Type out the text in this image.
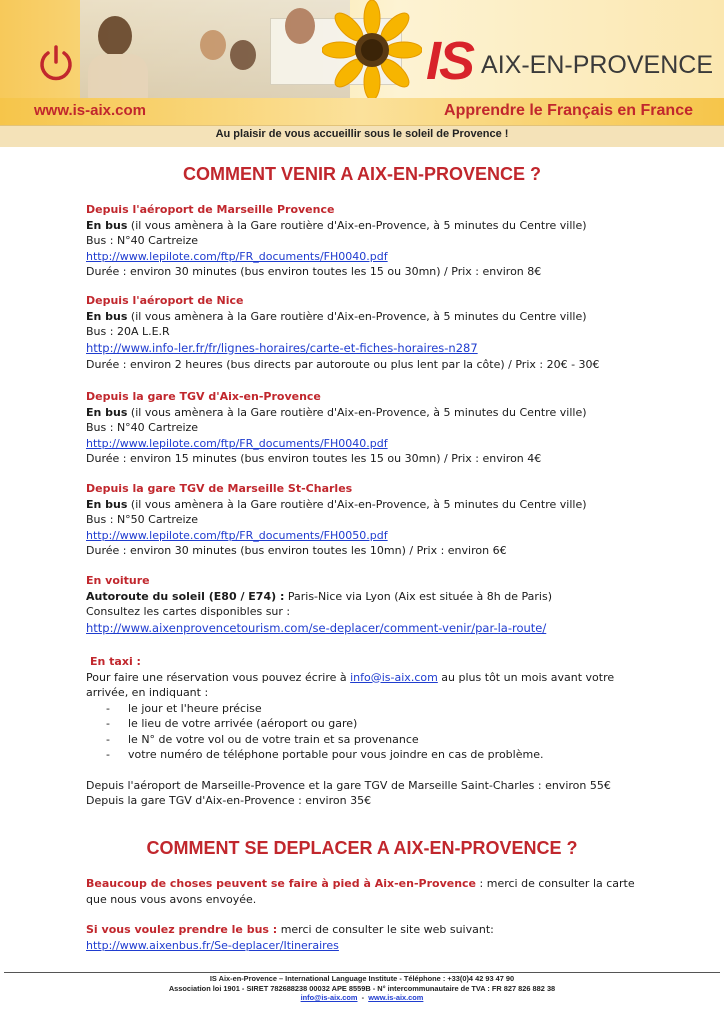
IS AIX-EN-PROVENCE
www.is-aix.com	Apprendre le Français en France
Au plaisir de vous accueillir sous le soleil de Provence !
COMMENT VENIR A AIX-EN-PROVENCE ?
Depuis l'aéroport de Marseille Provence
En bus (il vous amènera à la Gare routière d'Aix-en-Provence, à 5 minutes du Centre ville)
Bus : N°40 Cartreize
http://www.lepilote.com/ftp/FR_documents/FH0040.pdf
Durée : environ 30 minutes (bus environ toutes les 15 ou 30mn) / Prix : environ 8€
Depuis l'aéroport de Nice
En bus (il vous amènera à la Gare routière d'Aix-en-Provence, à 5 minutes du Centre ville)
Bus : 20A L.E.R
http://www.info-ler.fr/fr/lignes-horaires/carte-et-fiches-horaires-n287
Durée : environ 2 heures (bus directs par autoroute ou plus lent par la côte) / Prix : 20€ - 30€
Depuis la gare TGV d'Aix-en-Provence
En bus (il vous amènera à la Gare routière d'Aix-en-Provence, à 5 minutes du Centre ville)
Bus : N°40 Cartreize
http://www.lepilote.com/ftp/FR_documents/FH0040.pdf
Durée : environ 15 minutes (bus environ toutes les 15 ou 30mn) / Prix : environ 4€
Depuis la gare TGV de Marseille St-Charles
En bus (il vous amènera à la Gare routière d'Aix-en-Provence, à 5 minutes du Centre ville)
Bus : N°50 Cartreize
http://www.lepilote.com/ftp/FR_documents/FH0050.pdf
Durée : environ 30 minutes (bus environ toutes les 10mn) / Prix : environ 6€
En voiture
Autoroute du soleil (E80 / E74) : Paris-Nice via Lyon (Aix est située à 8h de Paris)
Consultez les cartes disponibles sur :
http://www.aixenprovencetourism.com/se-deplacer/comment-venir/par-la-route/
En taxi :
Pour faire une réservation vous pouvez écrire à info@is-aix.com au plus tôt un mois avant votre
arrivée, en indiquant :
- le jour et l'heure précise
- le lieu de votre arrivée (aéroport ou gare)
- le N° de votre vol ou de votre train et sa provenance
- votre numéro de téléphone portable pour vous joindre en cas de problème.
Depuis l'aéroport de Marseille-Provence et la gare TGV de Marseille Saint-Charles : environ 55€
Depuis la gare TGV d'Aix-en-Provence : environ 35€
COMMENT SE DEPLACER A AIX-EN-PROVENCE ?
Beaucoup de choses peuvent se faire à pied à Aix-en-Provence : merci de consulter la carte
que nous vous avons envoyée.
Si vous voulez prendre le bus : merci de consulter le site web suivant:
http://www.aixenbus.fr/Se-deplacer/Itineraires
IS Aix-en-Provence – International Language Institute - Téléphone : +33(0)4 42 93 47 90
Association loi 1901 - SIRET 782688238 00032 APE 8559B - N° intercommunautaire de TVA : FR 827 826 882 38
info@is-aix.com  -  www.is-aix.com
